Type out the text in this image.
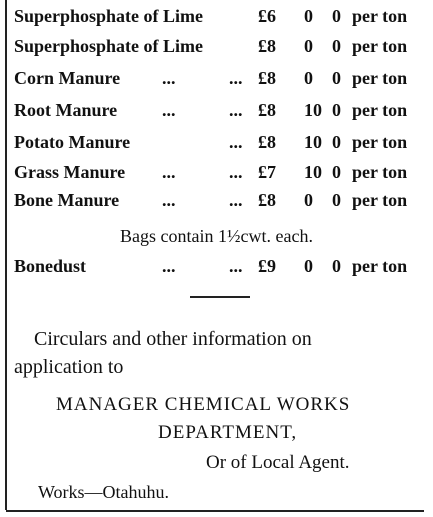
Superphosphate of Lime	£6 0 0 per ton
Superphosphate of Lime	£8 0 0 per ton
Corn Manure ...	... £8 0 0 per ton
Root Manure ...	... £8 10 0 per ton
Potato Manure	... £8 10 0 per ton
Grass Manure ...	... £7 10 0 per ton
Bone Manure ...	... £8 0 0 per ton
Bags contain 1½cwt. each.
Bonedust	...	... £9 0 0 per ton
Circulars and other information on
application to
MANAGER CHEMICAL WORKS
DEPARTMENT,
Or of Local Agent.
Works—Otahuhu.
